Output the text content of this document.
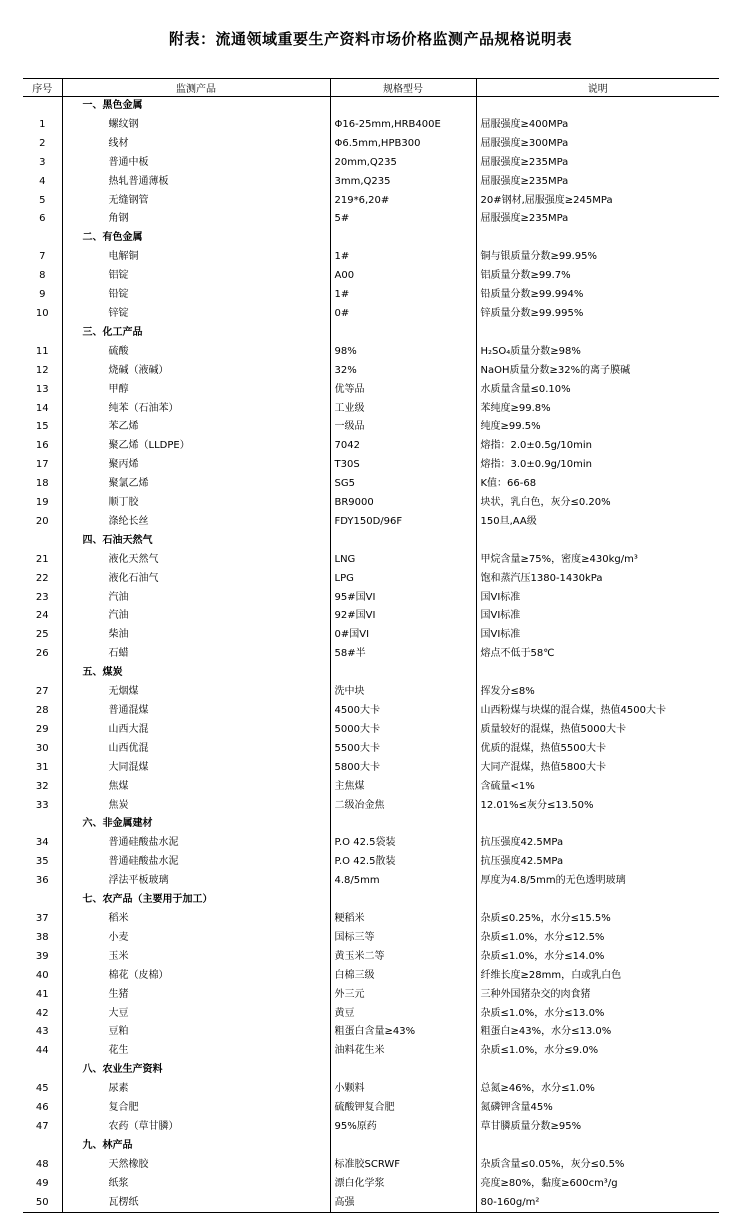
附表：流通领域重要生产资料市场价格监测产品规格说明表
序号	监测产品	规格型号	说明
	一、黑色金属		
1	螺纹钢	Φ16-25mm,HRB400E	屈服强度≥400MPa
2	线材	Φ6.5mm,HPB300	屈服强度≥300MPa
3	普通中板	20mm,Q235	屈服强度≥235MPa
4	热轧普通薄板	3mm,Q235	屈服强度≥235MPa
5	无缝钢管	219*6,20#	20#钢材,屈服强度≥245MPa
6	角钢	5#	屈服强度≥235MPa
	二、有色金属		
7	电解铜	1#	铜与银质量分数≥99.95%
8	铝锭	A00	铝质量分数≥99.7%
9	铅锭	1#	铅质量分数≥99.994%
10	锌锭	0#	锌质量分数≥99.995%
	三、化工产品		
11	硫酸	98%	H₂SO₄质量分数≥98%
12	烧碱（液碱）	32%	NaOH质量分数≥32%的离子膜碱
13	甲醇	优等品	水质量含量≤0.10%
14	纯苯（石油苯）	工业级	苯纯度≥99.8%
15	苯乙烯	一级品	纯度≥99.5%
16	聚乙烯（LLDPE）	7042	熔指：2.0±0.5g/10min
17	聚丙烯	T30S	熔指：3.0±0.9g/10min
18	聚氯乙烯	SG5	K值：66-68
19	顺丁胶	BR9000	块状，乳白色，灰分≤0.20%
20	涤纶长丝	FDY150D/96F	150旦,AA级
	四、石油天然气		
21	液化天然气	LNG	甲烷含量≥75%，密度≥430kg/m³
22	液化石油气	LPG	饱和蒸汽压1380-1430kPa
23	汽油	95#国VI	国VI标准
24	汽油	92#国VI	国VI标准
25	柴油	0#国VI	国VI标准
26	石蜡	58#半	熔点不低于58℃
	五、煤炭		
27	无烟煤	洗中块	挥发分≤8%
28	普通混煤	4500大卡	山西粉煤与块煤的混合煤，热值4500大卡
29	山西大混	5000大卡	质量较好的混煤，热值5000大卡
30	山西优混	5500大卡	优质的混煤，热值5500大卡
31	大同混煤	5800大卡	大同产混煤，热值5800大卡
32	焦煤	主焦煤	含硫量<1%
33	焦炭	二级冶金焦	12.01%≤灰分≤13.50%
	六、非金属建材		
34	普通硅酸盐水泥	P.O 42.5袋装	抗压强度42.5MPa
35	普通硅酸盐水泥	P.O 42.5散装	抗压强度42.5MPa
36	浮法平板玻璃	4.8/5mm	厚度为4.8/5mm的无色透明玻璃
	七、农产品（主要用于加工）		
37	稻米	粳稻米	杂质≤0.25%，水分≤15.5%
38	小麦	国标三等	杂质≤1.0%，水分≤12.5%
39	玉米	黄玉米二等	杂质≤1.0%，水分≤14.0%
40	棉花（皮棉）	白棉三级	纤维长度≥28mm，白或乳白色
41	生猪	外三元	三种外国猪杂交的肉食猪
42	大豆	黄豆	杂质≤1.0%，水分≤13.0%
43	豆粕	粗蛋白含量≥43%	粗蛋白≥43%，水分≤13.0%
44	花生	油料花生米	杂质≤1.0%，水分≤9.0%
	八、农业生产资料		
45	尿素	小颗料	总氮≥46%，水分≤1.0%
46	复合肥	硫酸钾复合肥	氮磷钾含量45%
47	农药（草甘膦）	95%原药	草甘膦质量分数≥95%
	九、林产品		
48	天然橡胶	标准胶SCRWF	杂质含量≤0.05%，灰分≤0.5%
49	纸浆	漂白化学浆	亮度≥80%，黏度≥600cm³/g
50	瓦楞纸	高强	80-160g/m²
